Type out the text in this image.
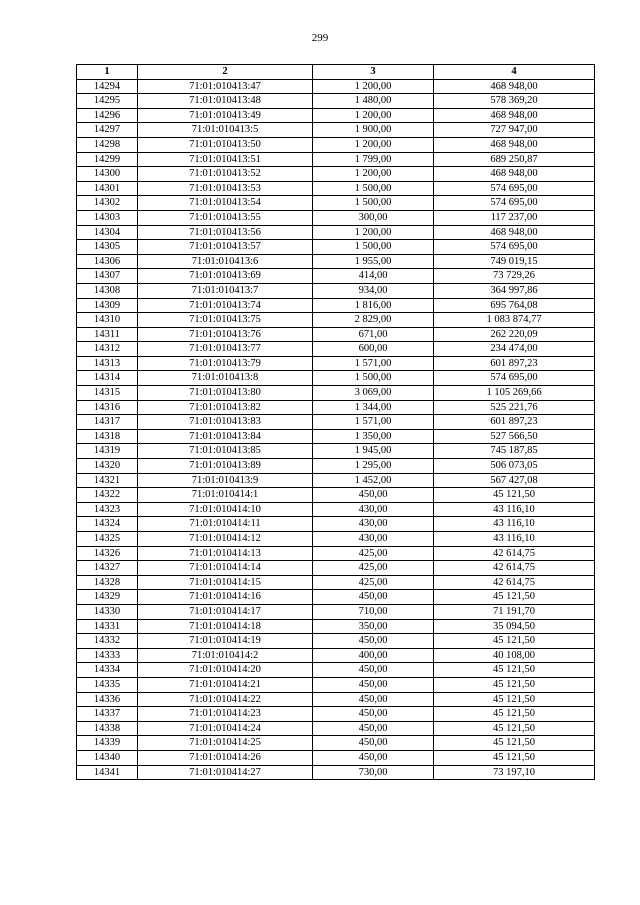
299
1	2	3	4
14294	71:01:010413:47	1 200,00	468 948,00
14295	71:01:010413:48	1 480,00	578 369,20
14296	71:01:010413:49	1 200,00	468 948,00
14297	71:01:010413:5	1 900,00	727 947,00
14298	71:01:010413:50	1 200,00	468 948,00
14299	71:01:010413:51	1 799,00	689 250,87
14300	71:01:010413:52	1 200,00	468 948,00
14301	71:01:010413:53	1 500,00	574 695,00
14302	71:01:010413:54	1 500,00	574 695,00
14303	71:01:010413:55	300,00	117 237,00
14304	71:01:010413:56	1 200,00	468 948,00
14305	71:01:010413:57	1 500,00	574 695,00
14306	71:01:010413:6	1 955,00	749 019,15
14307	71:01:010413:69	414,00	73 729,26
14308	71:01:010413:7	934,00	364 997,86
14309	71:01:010413:74	1 816,00	695 764,08
14310	71:01:010413:75	2 829,00	1 083 874,77
14311	71:01:010413:76	671,00	262 220,09
14312	71:01:010413:77	600,00	234 474,00
14313	71:01:010413:79	1 571,00	601 897,23
14314	71:01:010413:8	1 500,00	574 695,00
14315	71:01:010413:80	3 069,00	1 105 269,66
14316	71:01:010413:82	1 344,00	525 221,76
14317	71:01:010413:83	1 571,00	601 897,23
14318	71:01:010413:84	1 350,00	527 566,50
14319	71:01:010413:85	1 945,00	745 187,85
14320	71:01:010413:89	1 295,00	506 073,05
14321	71:01:010413:9	1 452,00	567 427,08
14322	71:01:010414:1	450,00	45 121,50
14323	71:01:010414:10	430,00	43 116,10
14324	71:01:010414:11	430,00	43 116,10
14325	71:01:010414:12	430,00	43 116,10
14326	71:01:010414:13	425,00	42 614,75
14327	71:01:010414:14	425,00	42 614,75
14328	71:01:010414:15	425,00	42 614,75
14329	71:01:010414:16	450,00	45 121,50
14330	71:01:010414:17	710,00	71 191,70
14331	71:01:010414:18	350,00	35 094,50
14332	71:01:010414:19	450,00	45 121,50
14333	71:01:010414:2	400,00	40 108,00
14334	71:01:010414:20	450,00	45 121,50
14335	71:01:010414:21	450,00	45 121,50
14336	71:01:010414:22	450,00	45 121,50
14337	71:01:010414:23	450,00	45 121,50
14338	71:01:010414:24	450,00	45 121,50
14339	71:01:010414:25	450,00	45 121,50
14340	71:01:010414:26	450,00	45 121,50
14341	71:01:010414:27	730,00	73 197,10
